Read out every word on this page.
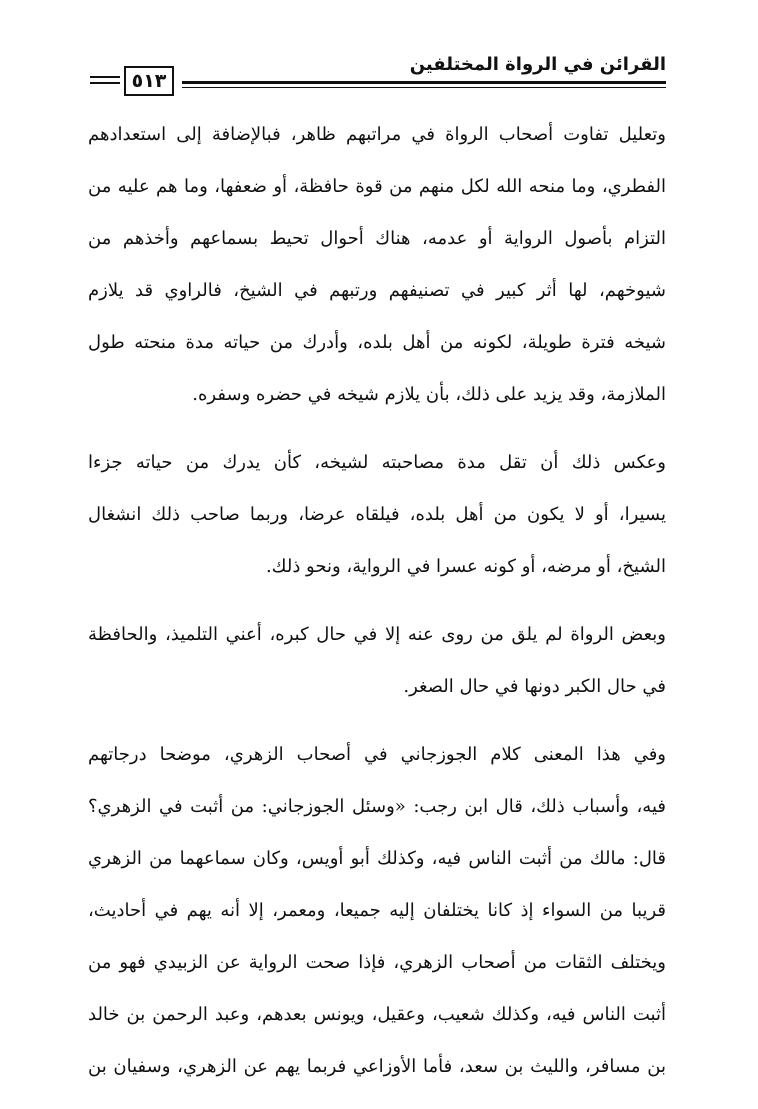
القرائن في الرواة المختلفين
٥١٣

وتعليل تفاوت أصحاب الرواة في مراتبهم ظاهر، فبالإضافة إلى استعدادهم
الفطري، وما منحه الله لكل منهم من قوة حافظة، أو ضعفها، وما هم عليه من
التزام بأصول الرواية أو عدمه، هناك أحوال تحيط بسماعهم وأخذهم من
شيوخهم، لها أثر كبير في تصنيفهم ورتبهم في الشيخ، فالراوي قد يلازم
شيخه فترة طويلة، لكونه من أهل بلده، وأدرك من حياته مدة منحته طول
الملازمة، وقد يزيد على ذلك، بأن يلازم شيخه في حضره وسفره.

وعكس ذلك أن تقل مدة مصاحبته لشيخه، كأن يدرك من حياته جزءا
يسيرا، أو لا يكون من أهل بلده، فيلقاه عرضا، وربما صاحب ذلك انشغال
الشيخ، أو مرضه، أو كونه عسرا في الرواية، ونحو ذلك.

وبعض الرواة لم يلق من روى عنه إلا في حال كبره، أعني التلميذ، والحافظة
في حال الكبر دونها في حال الصغر.

وفي هذا المعنى كلام الجوزجاني في أصحاب الزهري، موضحا درجاتهم
فيه، وأسباب ذلك، قال ابن رجب: «وسئل الجوزجاني: من أثبت في الزهري؟
قال: مالك من أثبت الناس فيه، وكذلك أبو أويس، وكان سماعهما من الزهري
قريبا من السواء إذ كانا يختلفان إليه جميعا، ومعمر، إلا أنه يهم في أحاديث،
ويختلف الثقات من أصحاب الزهري، فإذا صحت الرواية عن الزبيدي فهو من
أثبت الناس فيه، وكذلك شعيب، وعقيل، ويونس بعدهم، وعبد الرحمن بن خالد
بن مسافر، والليث بن سعد، فأما الأوزاعي فربما يهم عن الزهري، وسفيان بن
